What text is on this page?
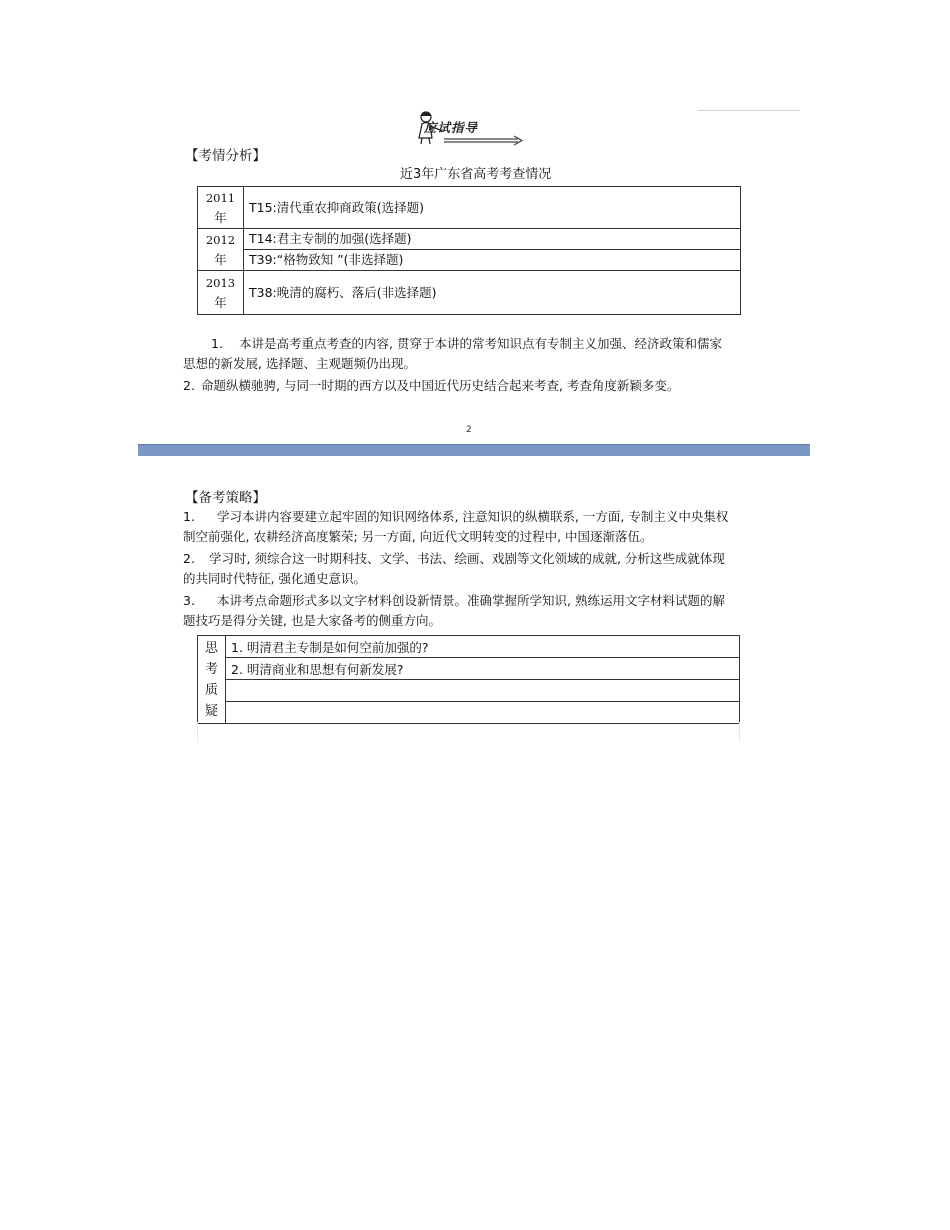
应试指导
【考情分析】
近3年广东省高考考查情况
2011
年	T15:清代重农抑商政策(选择题)

2012
年	T14:君主专制的加强(选择题)
	T39:“格物致知 ”(非选择题)

2013
年	T38:晚清的腐朽、落后(非选择题)
1. 本讲是高考重点考查的内容, 贯穿于本讲的常考知识点有专制主义加强、经济政策和儒家
思想的新发展, 选择题、主观题频仍出现。
2. 命题纵横驰骋, 与同一时期的西方以及中国近代历史结合起来考查, 考查角度新颖多变。
2
【备考策略】
1. 学习本讲内容要建立起牢固的知识网络体系, 注意知识的纵横联系, 一方面, 专制主义中央集权
制空前强化, 农耕经济高度繁荣; 另一方面, 向近代文明转变的过程中, 中国逐渐落伍。
2. 学习时, 须综合这一时期科技、文学、书法、绘画、戏剧等文化领域的成就, 分析这些成就体现
的共同时代特征, 强化通史意识。
3. 本讲考点命题形式多以文字材料创设新情景。准确掌握所学知识, 熟练运用文字材料试题的解
题技巧是得分关键, 也是大家备考的侧重方向。
思
考
质
疑
	1. 明清君主专制是如何空前加强的?
2. 明清商业和思想有何新发展?
